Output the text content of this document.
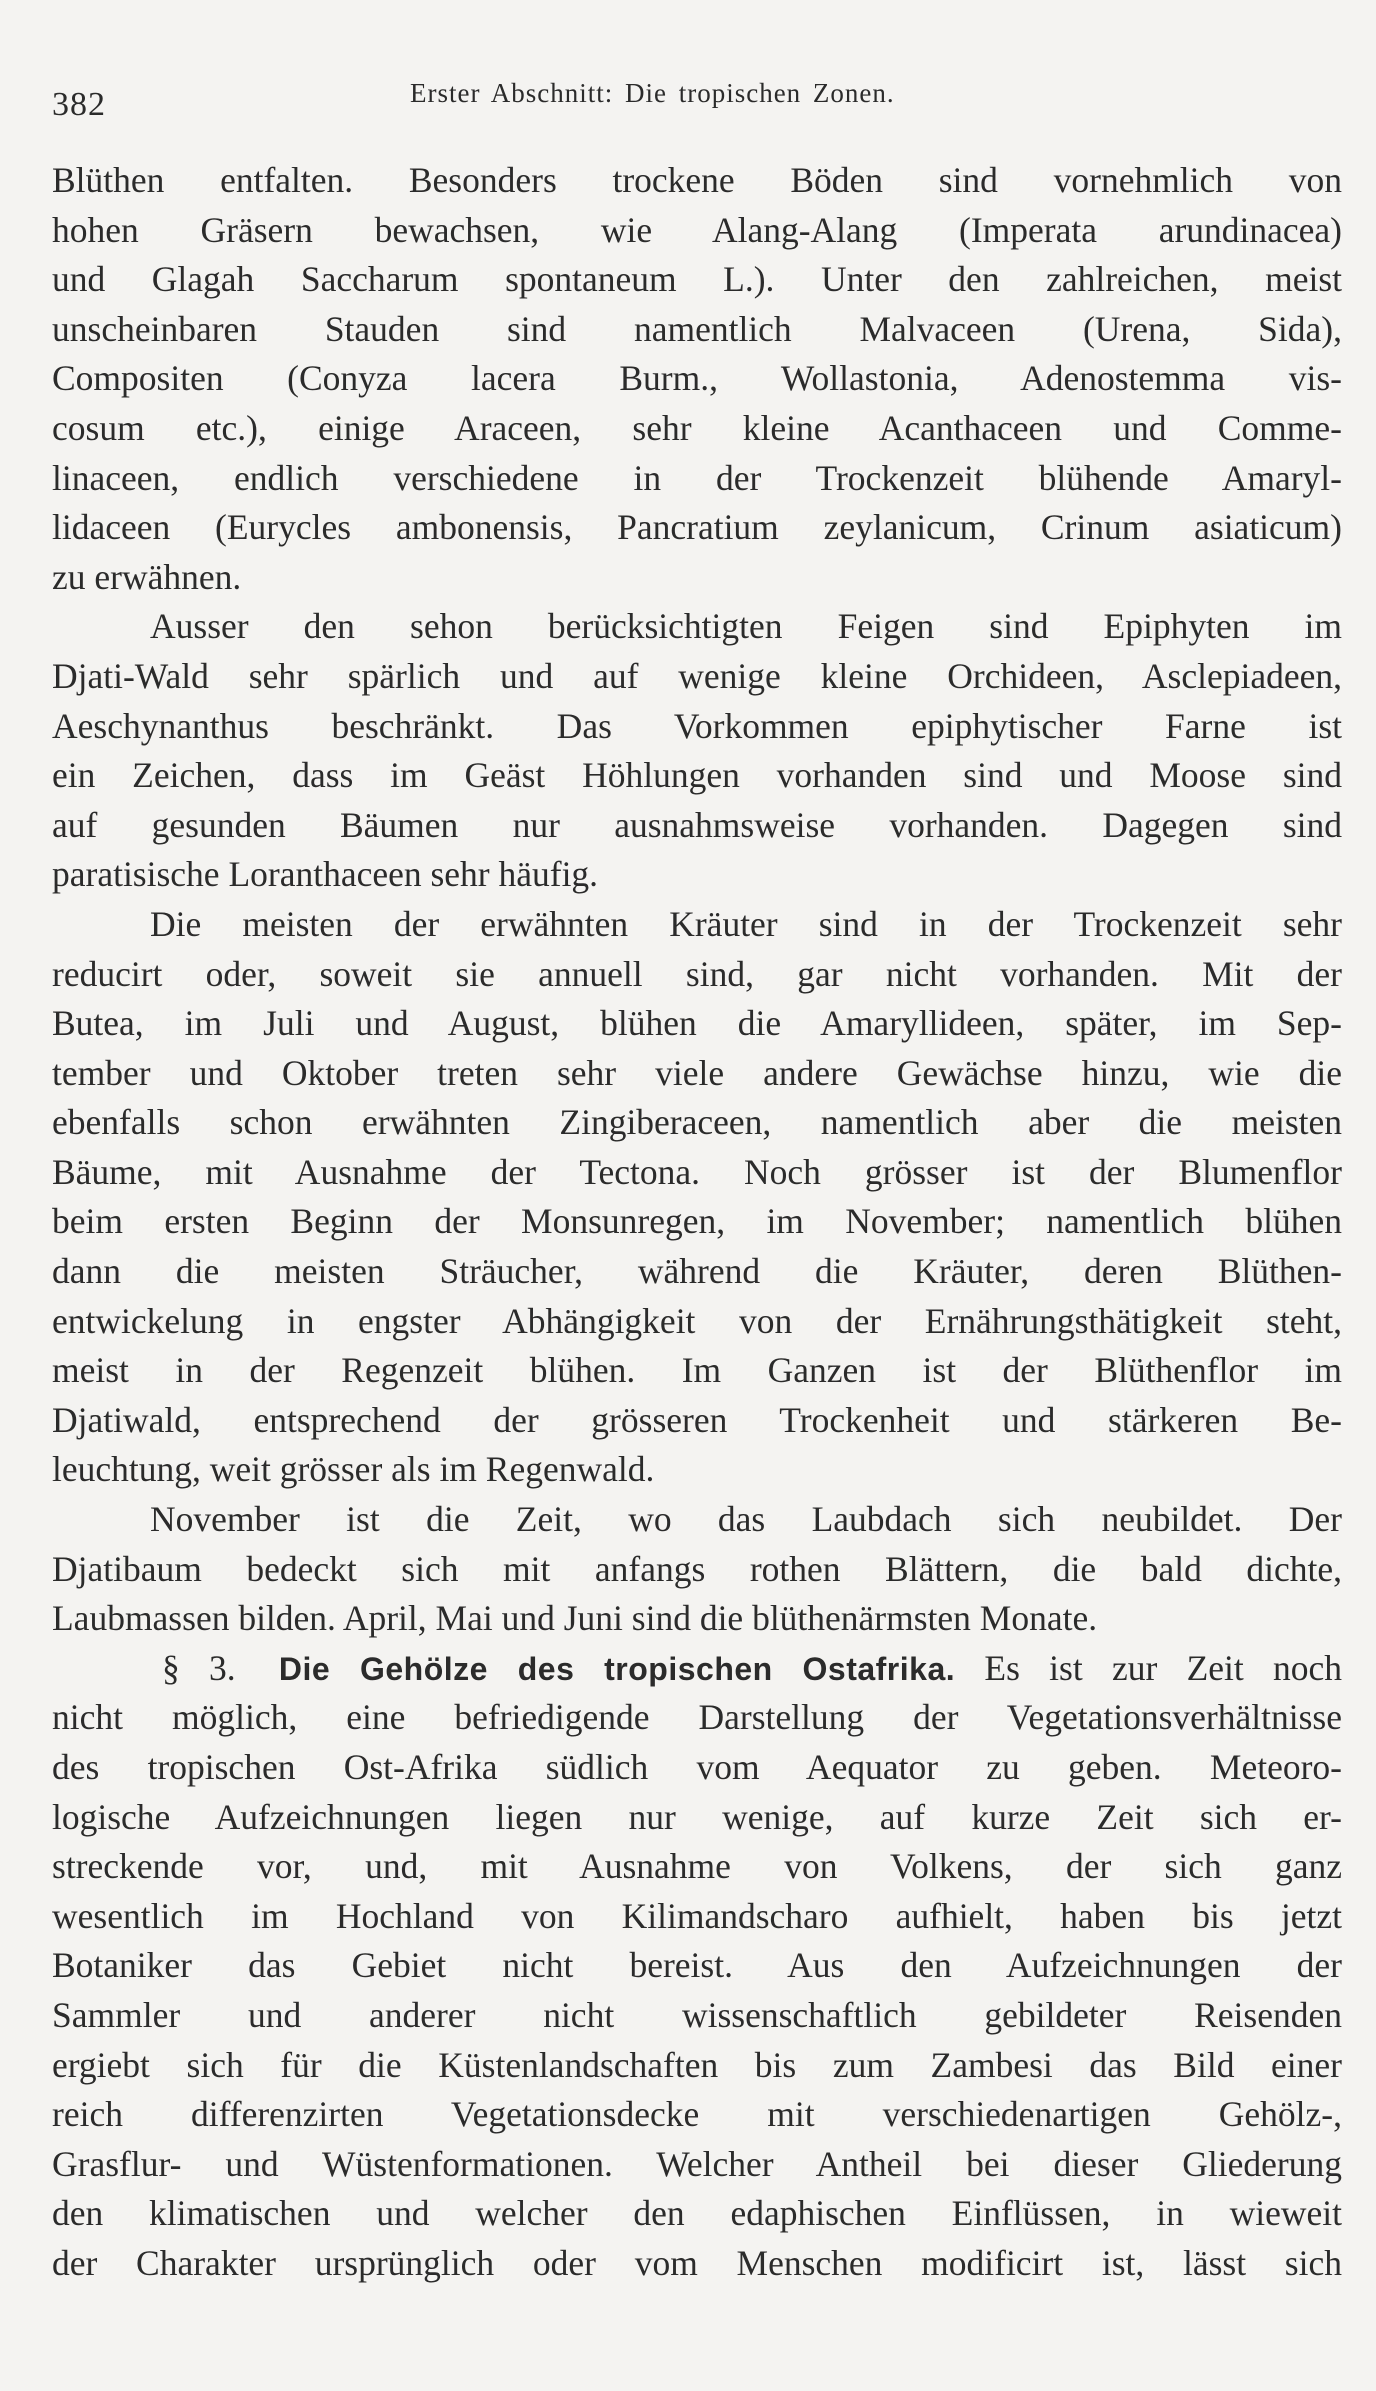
382	Erster Abschnitt: Die tropischen Zonen.

Blüthen entfalten. Besonders trockene Böden sind vornehmlich von

hohen Gräsern bewachsen, wie Alang-Alang (Imperata arundinacea)

und Glagah Saccharum spontaneum L.). Unter den zahlreichen, meist

unscheinbaren Stauden sind namentlich Malvaceen (Urena, Sida),

Compositen (Conyza lacera Burm., Wollastonia, Adenostemma vis-

cosum etc.), einige Araceen, sehr kleine Acanthaceen und Comme-

linaceen, endlich verschiedene in der Trockenzeit blühende Amaryl-

lidaceen (Eurycles ambonensis, Pancratium zeylanicum, Crinum asiaticum)

zu erwähnen.

Ausser den sehon berücksichtigten Feigen sind Epiphyten im

Djati-Wald sehr spärlich und auf wenige kleine Orchideen, Asclepiadeen,

Aeschynanthus beschränkt. Das Vorkommen epiphytischer Farne ist

ein Zeichen, dass im Geäst Höhlungen vorhanden sind und Moose sind

auf gesunden Bäumen nur ausnahmsweise vorhanden. Dagegen sind

paratisische Loranthaceen sehr häufig.

Die meisten der erwähnten Kräuter sind in der Trockenzeit sehr

reducirt oder, soweit sie annuell sind, gar nicht vorhanden. Mit der

Butea, im Juli und August, blühen die Amaryllideen, später, im Sep-

tember und Oktober treten sehr viele andere Gewächse hinzu, wie die

ebenfalls schon erwähnten Zingiberaceen, namentlich aber die meisten

Bäume, mit Ausnahme der Tectona. Noch grösser ist der Blumenflor

beim ersten Beginn der Monsunregen, im November; namentlich blühen

dann die meisten Sträucher, während die Kräuter, deren Blüthen-

entwickelung in engster Abhängigkeit von der Ernährungsthätigkeit steht,

meist in der Regenzeit blühen. Im Ganzen ist der Blüthenflor im

Djatiwald, entsprechend der grösseren Trockenheit und stärkeren Be-

leuchtung, weit grösser als im Regenwald.

November ist die Zeit, wo das Laubdach sich neubildet. Der

Djatibaum bedeckt sich mit anfangs rothen Blättern, die bald dichte,

Laubmassen bilden. April, Mai und Juni sind die blüthenärmsten Monate.

§ 3. Die Gehölze des tropischen Ostafrika. Es ist zur Zeit noch

nicht möglich, eine befriedigende Darstellung der Vegetationsverhältnisse

des tropischen Ost-Afrika südlich vom Aequator zu geben. Meteoro-

logische Aufzeichnungen liegen nur wenige, auf kurze Zeit sich er-

streckende vor, und, mit Ausnahme von Volkens, der sich ganz

wesentlich im Hochland von Kilimandscharo aufhielt, haben bis jetzt

Botaniker das Gebiet nicht bereist. Aus den Aufzeichnungen der

Sammler und anderer nicht wissenschaftlich gebildeter Reisenden

ergiebt sich für die Küstenlandschaften bis zum Zambesi das Bild einer

reich differenzirten Vegetationsdecke mit verschiedenartigen Gehölz-,

Grasflur- und Wüstenformationen. Welcher Antheil bei dieser Gliederung

den klimatischen und welcher den edaphischen Einflüssen, in wieweit

der Charakter ursprünglich oder vom Menschen modificirt ist, lässt sich
